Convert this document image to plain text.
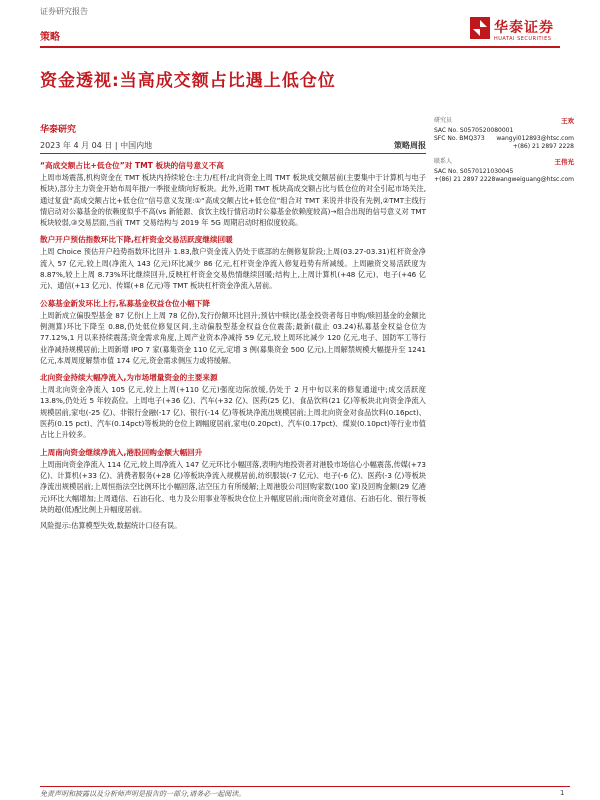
证券研究报告
华泰证券
HUATAI SECURITIES
策略
资金透视:当高成交额占比遇上低仓位
华泰研究
2023 年 4 月 04 日 | 中国内地	策略周报
研究员	王欢
SAC No. S0570520080001
wangyi012893@htsc.com
SFC No. BMQ373
+(86) 21 2897 2228
联系人	王伟光
SAC No. S0570121030045
wangweiguang@htsc.com
+(86) 21 2897 2228
“高成交额占比+低仓位”对 TMT 板块的信号意义不高

上周市场震荡,机构资金在 TMT 板块内持续轮仓:主力/杠杆/北向资金上周 TMT 板块成交额居前(主要集中于计算机与电子板块),部分主力资金开始布局年报/一季报业绩向好板块。此外,近期 TMT 板块高成交额占比与低仓位的对全引起市场关注,通过复盘“高成交额占比+低仓位”信号意义发现:①“高成交额占比+低仓位”组合对 TMT 来说并非没有先例,②TMT主线行情启动对公募基金的依赖度似乎不高(vs 新能源、食饮主线行情启动时公募基金依赖度较高)→组合出现的信号意义对 TMT 板块较弱,③交易层面,当前 TMT 交易结构与 2019 年 5G 周期启动时相似度较高。

散户开户预估指数环比下降,杠杆资金交易活跃度继续回暖

上周 Choice 预估开户趋势指数环比回升 1.83,散户资金流入仍处于底部的左侧修复阶段;上周(03.27-03.31)杠杆资金净流入 57 亿元,较上周(净流入 143 亿元)环比减少 86 亿元,杠杆资金净流入修复趋势有所减缓。上周融资交易活跃度为 8.87%,较上上周 8.73%环比继续回升,反映杠杆资金交易热情继续回暖;结构上,上周计算机(+48 亿元)、电子(+46 亿元)、通信(+13 亿元)、传媒(+8 亿元)等 TMT 板块杠杆资金净流入居前。

公募基金新发环比上行,私募基金权益仓位小幅下降

上周新成立偏股型基金 87 亿份(上上周 78 亿份),发行份额环比回升;预估中赎比(基金投资者每日申购/赎回基金的金额比例测算)环比下降至 0.88,仍处低位修复区间,主动偏股型基金权益仓位震荡;最新(截止 03.24)私募基金权益仓位为 77.12%,1 月以来持续震荡;资金需求角度,上周产业资本净减持 59 亿元,较上周环比减少 120 亿元,电子、国防军工等行业净减持规模居前;上周新增 IPO 7 家(募集资金 110 亿元,定增 3 例(募集资金 500 亿元),上周解禁规模大幅提升至 1241 亿元,本周周度解禁市值 174 亿元,资金需求侧压力或将缓解。

北向资金持续大幅净流入,为市场增量资金的主要来源

上周北向资金净流入 105 亿元,较上上周(+110 亿元)强度边际放缓,仍处于 2 月中旬以来的修复通道中;成交活跃度 13.8%,仍处近 5 年较高位。上周电子(+36 亿)、汽车(+32 亿)、医药(25 亿)、食品饮料(21 亿)等板块北向资金净流入规模居前,家电(-25 亿)、非银行金融(-17 亿)、银行(-14 亿)等板块净流出规模居前;上周北向资金对食品饮料(0.16pct)、医药(0.15 pct)、汽车(0.14pct)等板块的仓位上调幅度居前,家电(0.20pct)、汽车(0.17pct)、煤炭(0.10pct)等行业市值占比上升较多。

上周南向资金继续净流入,港股回购金额大幅回升

上周南向资金净流入 114 亿元,较上周净流入 147 亿元环比小幅回落,表明内地投资者对港股市场信心小幅震荡,传媒(+73 亿)、计算机(+33 亿)、消费者服务(+28 亿)等板块净流入规模居前,纺织服装(-7 亿元)、电子(-6 亿)、医药(-3 亿)等板块净流出规模居前;上周恒指法空比例环比小幅回落,沽空压力有所缓解;上周港股公司回购家数(100 家)及回购金额(29 亿港元)环比大幅增加;上周通信、石油石化、电力及公用事业等板块仓位上升幅度居前;南向资金对通信、石油石化、银行等板块的超(低)配比例上升幅度居前。

风险提示:估算模型失效,数据统计口径有误。
免责声明和披露以及分析师声明是报告的一部分,请务必一起阅读。	1
